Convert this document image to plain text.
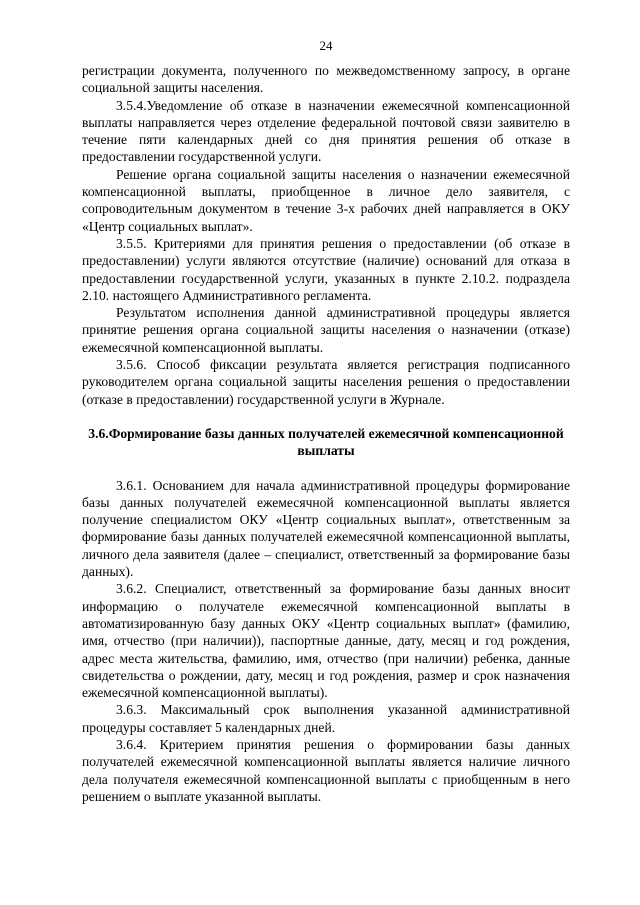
24

регистрации документа, полученного по межведомственному запросу, в органе социальной защиты населения.

3.5.4.Уведомление об отказе в назначении ежемесячной компенсационной выплаты направляется через отделение федеральной почтовой связи заявителю в течение пяти календарных дней со дня принятия решения об отказе в предоставлении государственной услуги.

Решение органа социальной защиты населения о назначении ежемесячной компенсационной выплаты, приобщенное в личное дело заявителя, с сопроводительным документом в течение 3-х рабочих дней направляется в ОКУ «Центр социальных выплат».

3.5.5. Критериями для принятия решения о предоставлении (об отказе в предоставлении) услуги являются отсутствие (наличие) оснований для отказа в предоставлении государственной услуги, указанных в пункте 2.10.2. подраздела 2.10. настоящего Административного регламента.

Результатом исполнения данной административной процедуры является принятие решения органа социальной защиты населения о назначении (отказе) ежемесячной компенсационной выплаты.

3.5.6. Способ фиксации результата является регистрация подписанного руководителем органа социальной защиты населения решения о предоставлении (отказе в предоставлении) государственной услуги в Журнале.

3.6.Формирование базы данных получателей ежемесячной компенсационной выплаты

3.6.1. Основанием для начала административной процедуры формирование базы данных получателей ежемесячной компенсационной выплаты является получение специалистом ОКУ «Центр социальных выплат», ответственным за формирование базы данных получателей ежемесячной компенсационной выплаты, личного дела заявителя (далее – специалист, ответственный за формирование базы данных).

3.6.2. Специалист, ответственный за формирование базы данных вносит информацию о получателе ежемесячной компенсационной выплаты в автоматизированную базу данных ОКУ «Центр социальных выплат» (фамилию, имя, отчество (при наличии)), паспортные данные, дату, месяц и год рождения, адрес места жительства, фамилию, имя, отчество (при наличии) ребенка, данные свидетельства о рождении, дату, месяц и год рождения, размер и срок назначения ежемесячной компенсационной выплаты).

3.6.3. Максимальный срок выполнения указанной административной процедуры составляет 5 календарных дней.

3.6.4. Критерием принятия решения о формировании базы данных получателей ежемесячной компенсационной выплаты является наличие личного дела получателя ежемесячной компенсационной выплаты с приобщенным в него решением о выплате указанной выплаты.
